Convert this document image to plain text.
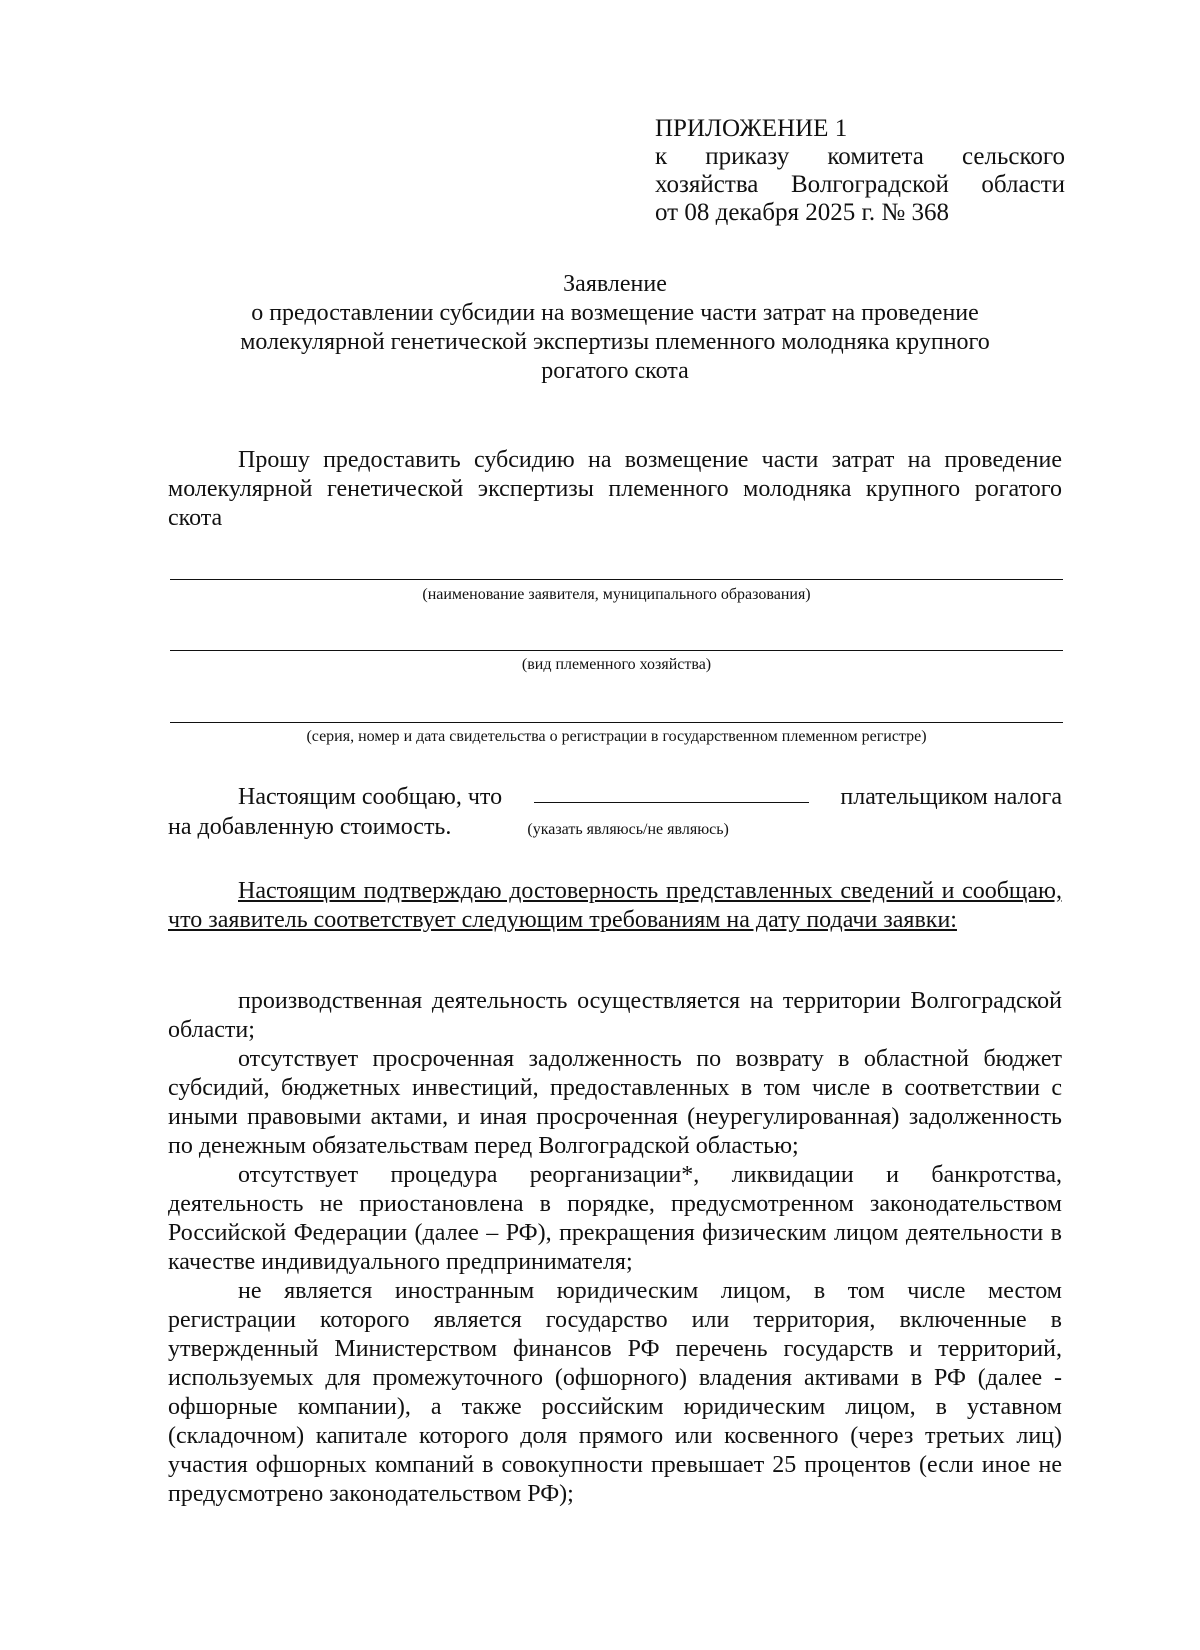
ПРИЛОЖЕНИЕ 1
к приказу комитета сельского
хозяйства Волгоградской области
от 08 декабря 2025 г. № 368
Заявление
о предоставлении субсидии на возмещение части затрат на проведение
молекулярной генетической экспертизы племенного молодняка крупного
рогатого скота
Прошу предоставить субсидию на возмещение части затрат на проведение молекулярной генетической экспертизы племенного молодняка крупного рогатого скота
(наименование заявителя, муниципального образования)
(вид племенного хозяйства)
(серия, номер и дата свидетельства о регистрации в государственном племенном регистре)
Настоящим сообщаю, что	плательщиком налога
на добавленную стоимость.	(указать являюсь/не являюсь)
Настоящим подтверждаю достоверность представленных сведений и сообщаю, что заявитель соответствует следующим требованиям на дату подачи заявки:
производственная деятельность осуществляется на территории Волгоградской области;
отсутствует просроченная задолженность по возврату в областной бюджет субсидий, бюджетных инвестиций, предоставленных в том числе в соответствии с иными правовыми актами, и иная просроченная (неурегулированная) задолженность по денежным обязательствам перед Волгоградской областью;
отсутствует процедура реорганизации*, ликвидации и банкротства, деятельность не приостановлена в порядке, предусмотренном законодательством Российской Федерации (далее – РФ), прекращения физическим лицом деятельности в качестве индивидуального предпринимателя;
не является иностранным юридическим лицом, в том числе местом регистрации которого является государство или территория, включенные в утвержденный Министерством финансов РФ перечень государств и территорий, используемых для промежуточного (офшорного) владения активами в РФ (далее - офшорные компании), а также российским юридическим лицом, в уставном (складочном) капитале которого доля прямого или косвенного (через третьих лиц) участия офшорных компаний в совокупности превышает 25 процентов (если иное не предусмотрено законодательством РФ);
